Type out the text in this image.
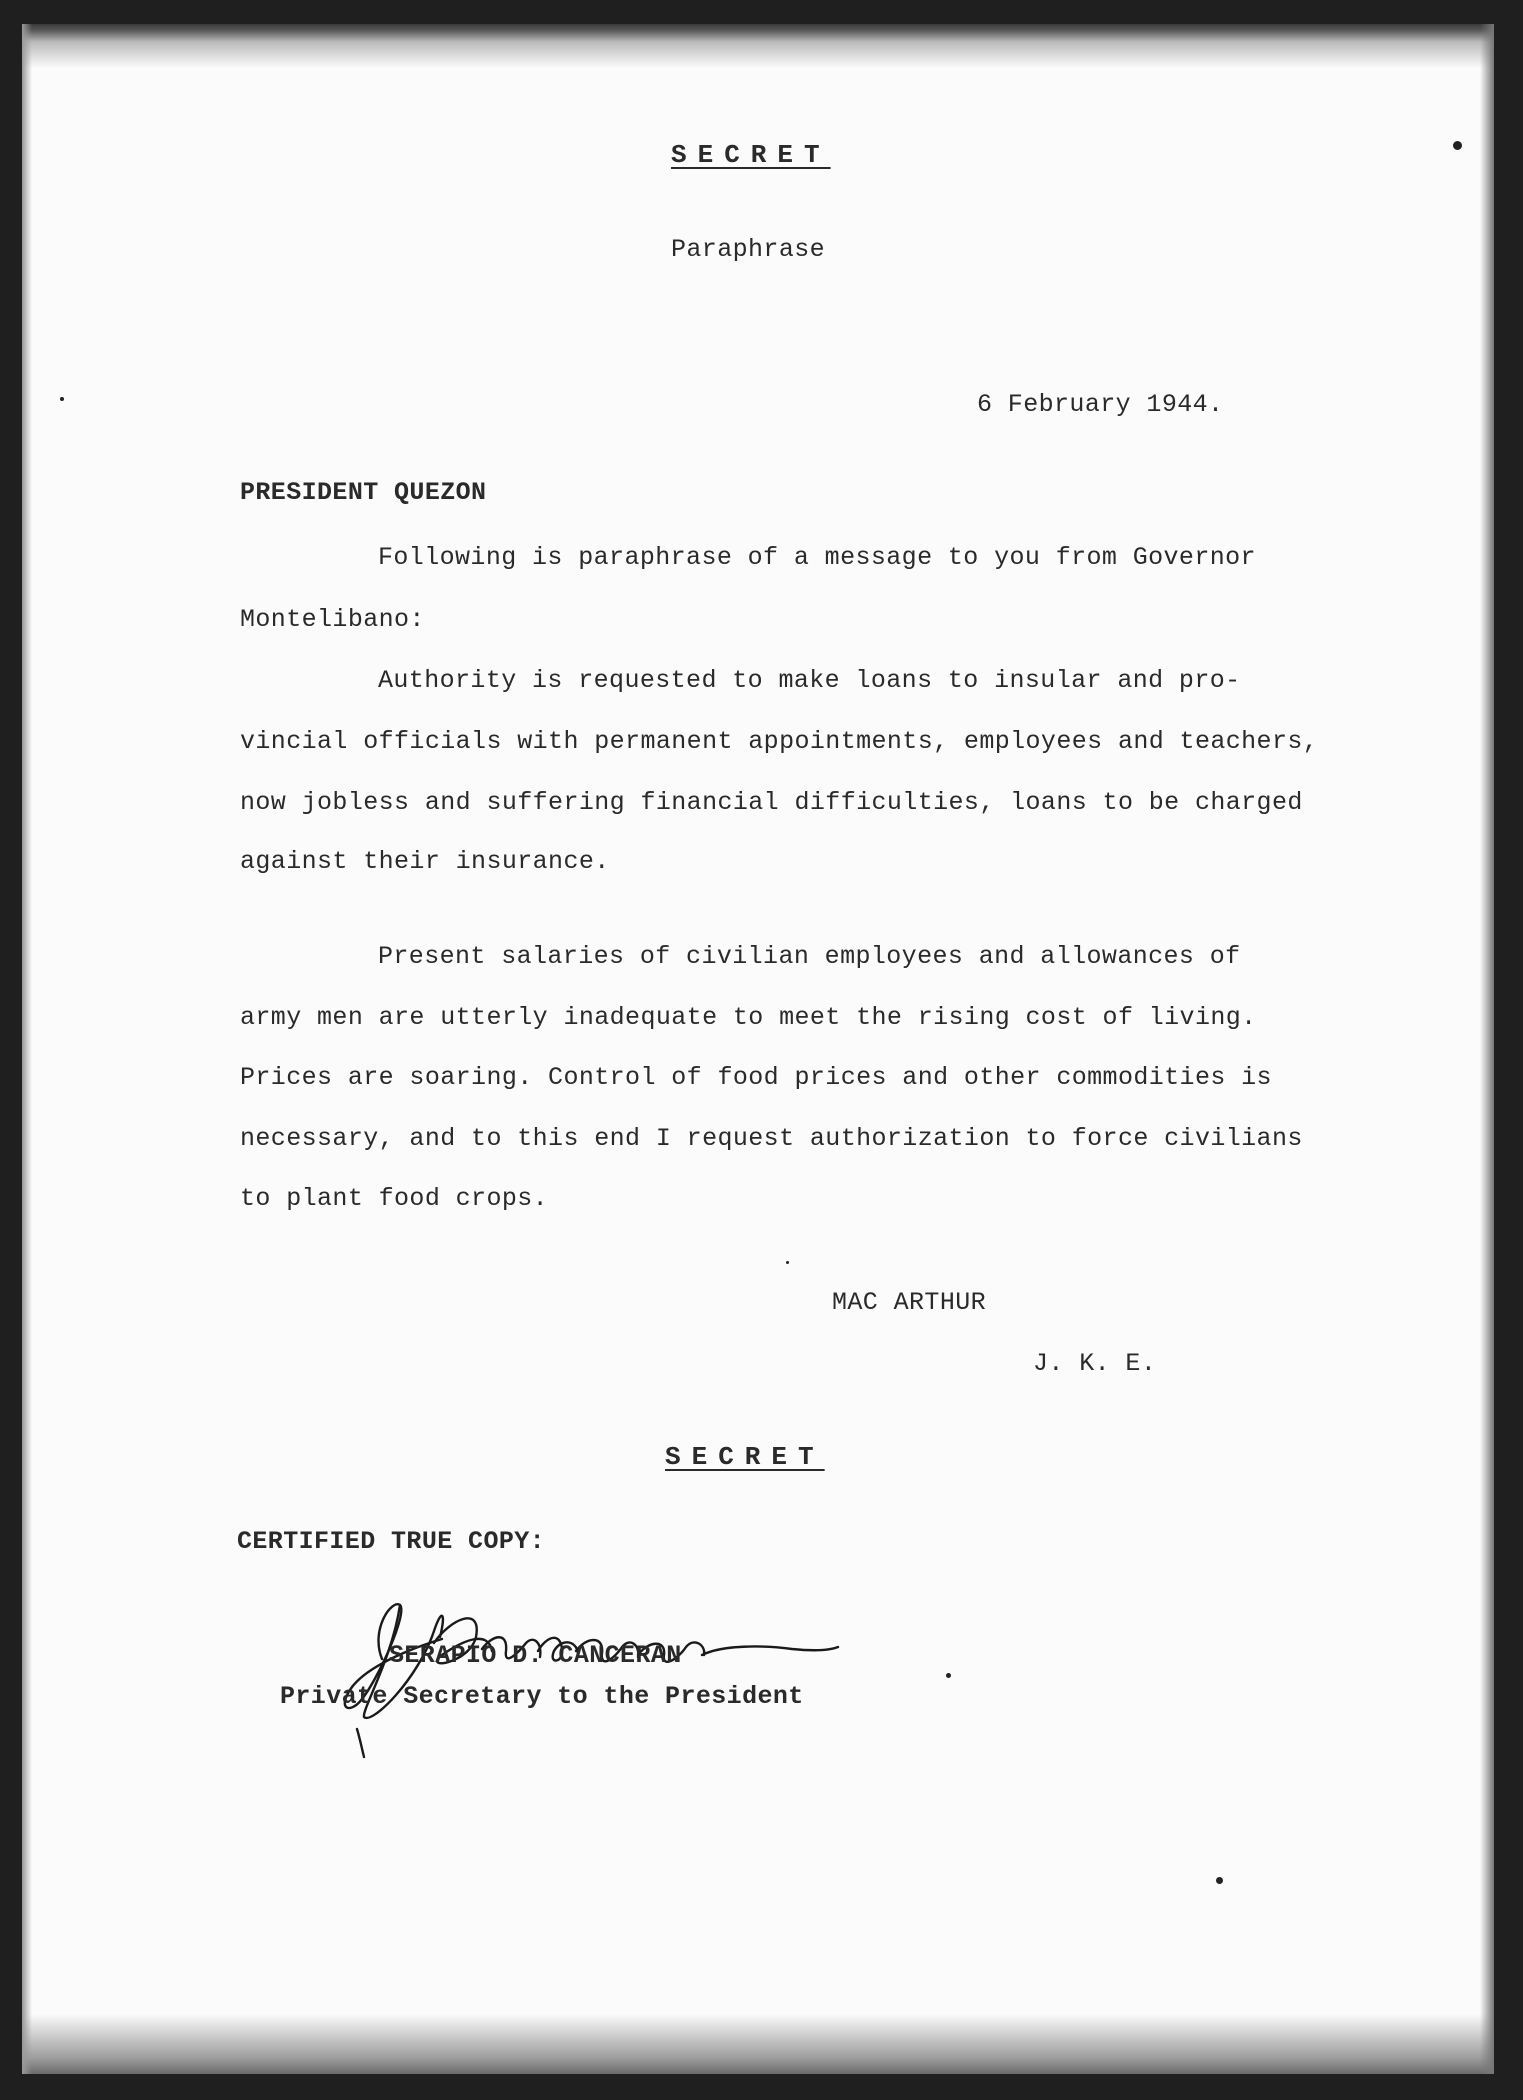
SECRET
Paraphrase
6 February 1944.
PRESIDENT QUEZON
Following is paraphrase of a message to you from Governor
Montelibano:
Authority is requested to make loans to insular and pro-
vincial officials with permanent appointments, employees and teachers,
now jobless and suffering financial difficulties, loans to be charged
against their insurance.
Present salaries of civilian employees and allowances of
army men are utterly inadequate to meet the rising cost of living.
Prices are soaring. Control of food prices and other commodities is
necessary, and to this end I request authorization to force civilians
to plant food crops.
MAC ARTHUR
J. K. E.
SECRET
CERTIFIED TRUE COPY:
SERAPIO D. CANCERAN
Private Secretary to the President
